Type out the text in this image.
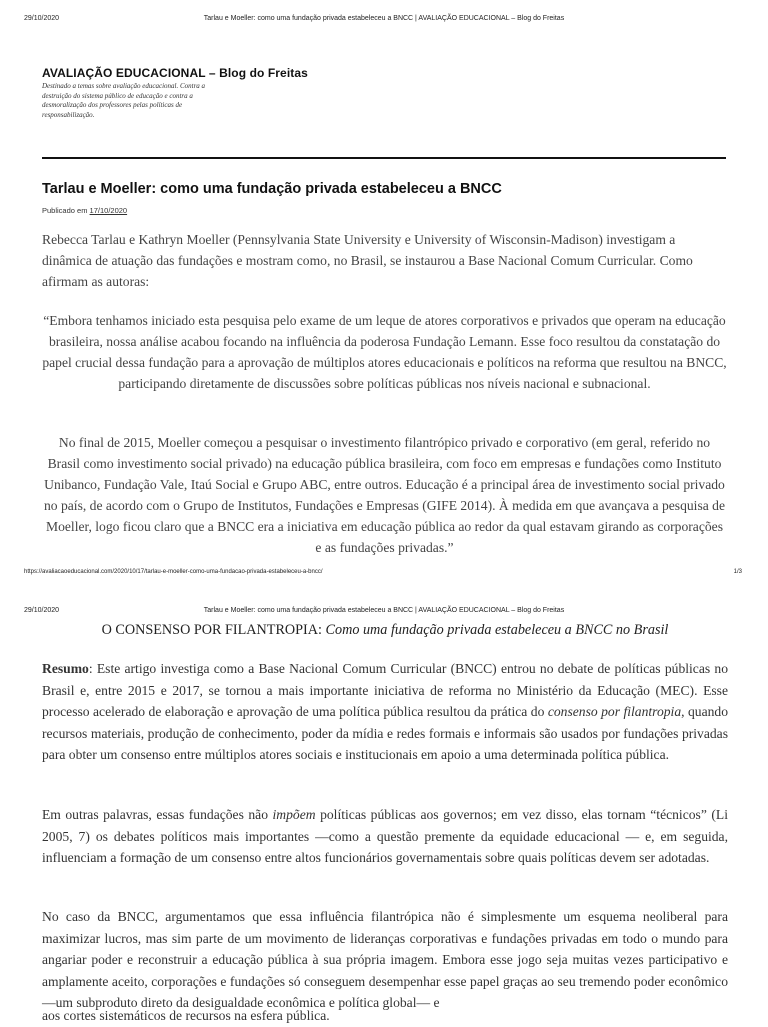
29/10/2020	Tarlau e Moeller: como uma fundação privada estabeleceu a BNCC | AVALIAÇÃO EDUCACIONAL – Blog do Freitas
AVALIAÇÃO EDUCACIONAL – Blog do Freitas
Destinado a temas sobre avaliação educacional. Contra a destruição do sistema público de educação e contra a desmoralização dos professores pelas políticas de responsabilização.
Tarlau e Moeller: como uma fundação privada estabeleceu a BNCC
Publicado em 17/10/2020

Rebecca Tarlau e Kathryn Moeller (Pennsylvania State University e University of Wisconsin-Madison) investigam a dinâmica de atuação das fundações e mostram como, no Brasil, se instaurou a Base Nacional Comum Curricular. Como afirmam as autoras:

“Embora tenhamos iniciado esta pesquisa pelo exame de um leque de atores corporativos e privados que operam na educação brasileira, nossa análise acabou focando na influência da poderosa Fundação Lemann. Esse foco resultou da constatação do papel crucial dessa fundação para a aprovação de múltiplos atores educacionais e políticos na reforma que resultou na BNCC, participando diretamente de discussões sobre políticas públicas nos níveis nacional e subnacional.

No final de 2015, Moeller começou a pesquisar o investimento filantrópico privado e corporativo (em geral, referido no Brasil como investimento social privado) na educação pública brasileira, com foco em empresas e fundações como Instituto Unibanco, Fundação Vale, Itaú Social e Grupo ABC, entre outros. Educação é a principal área de investimento social privado no país, de acordo com o Grupo de Institutos, Fundações e Empresas (GIFE 2014). À medida em que avançava a pesquisa de Moeller, logo ficou claro que a BNCC era a iniciativa em educação pública ao redor da qual estavam girando as corporações e as fundações privadas.”

https://avaliacaoeducacional.com/2020/10/17/tarlau-e-moeller-como-uma-fundacao-privada-estabeleceu-a-bncc/	1/3
29/10/2020	Tarlau e Moeller: como uma fundação privada estabeleceu a BNCC | AVALIAÇÃO EDUCACIONAL – Blog do Freitas
O CONSENSO POR FILANTROPIA: Como uma fundação privada estabeleceu a BNCC no Brasil

Resumo: Este artigo investiga como a Base Nacional Comum Curricular (BNCC) entrou no debate de políticas públicas no Brasil e, entre 2015 e 2017, se tornou a mais importante iniciativa de reforma no Ministério da Educação (MEC). Esse processo acelerado de elaboração e aprovação de uma política pública resultou da prática do consenso por filantropia, quando recursos materiais, produção de conhecimento, poder da mídia e redes formais e informais são usados por fundações privadas para obter um consenso entre múltiplos atores sociais e institucionais em apoio a uma determinada política pública.

Em outras palavras, essas fundações não impõem políticas públicas aos governos; em vez disso, elas tornam “técnicos” (Li 2005, 7) os debates políticos mais importantes —como a questão premente da equidade educacional — e, em seguida, influenciam a formação de um consenso entre altos funcionários governamentais sobre quais políticas devem ser adotadas.

No caso da BNCC, argumentamos que essa influência filantrópica não é simplesmente um esquema neoliberal para maximizar lucros, mas sim parte de um movimento de lideranças corporativas e fundações privadas em todo o mundo para angariar poder e reconstruir a educação pública à sua própria imagem. Embora esse jogo seja muitas vezes participativo e amplamente aceito, corporações e fundações só conseguem desempenhar esse papel graças ao seu tremendo poder econômico —um subproduto direto da desigualdade econômica e política global— e

aos cortes sistemáticos de recursos na esfera pública.
